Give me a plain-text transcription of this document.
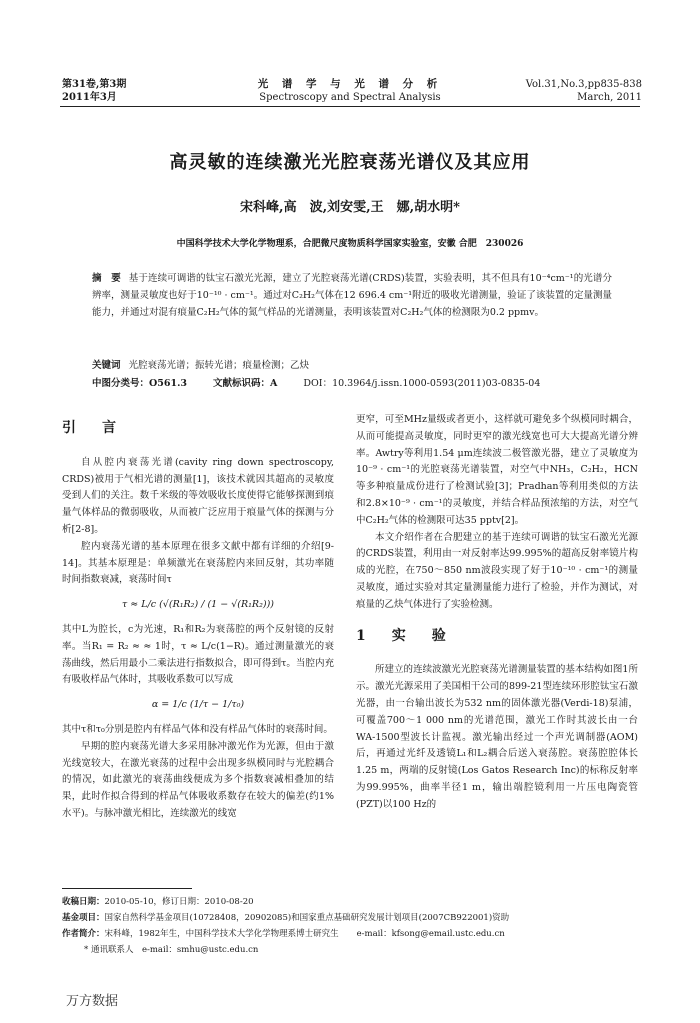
第31卷,第3期
2011年3月
光 谱 学 与 光 谱 分 析
Spectroscopy and Spectral Analysis
Vol.31,No.3,pp835-838
March, 2011
高灵敏的连续激光光腔衰荡光谱仪及其应用
宋科峰,高　波,刘安雯,王　娜,胡水明*
中国科学技术大学化学物理系，合肥微尺度物质科学国家实验室，安徽 合肥　230026
摘　要 基于连续可调谐的钛宝石激光光源，建立了光腔衰荡光谱(CRDS)装置，实验表明，其不但具有10⁻⁴cm⁻¹的光谱分辨率，测量灵敏度也好于10⁻¹⁰ · cm⁻¹。通过对C₂H₂气体在12 696.4 cm⁻¹附近的吸收光谱测量，验证了该装置的定量测量能力，并通过对混有痕量C₂H₂气体的氮气样品的光谱测量，表明该装置对C₂H₂气体的检测限为0.2 ppmv。
关键词 光腔衰荡光谱；振转光谱；痕量检测；乙炔
中图分类号：O561.3	文献标识码：A	DOI：10.3964/j.issn.1000-0593(2011)03-0835-04
引　言

自从腔内衰荡光谱(cavity ring down spectroscopy, CRDS)被用于气相光谱的测量[1]，该技术就因其超高的灵敏度受到人们的关注。数千米级的等效吸收长度使得它能够探测到痕量气体样品的微弱吸收，从而被广泛应用于痕量气体的探测与分析[2-8]。

腔内衰荡光谱的基本原理在很多文献中都有详细的介绍[9-14]。其基本原理是：单频激光在衰荡腔内来回反射，其功率随时间指数衰减，衰荡时间τ

τ ≈ L/c (√(R₁R₂) / (1 − √(R₁R₂)))

其中L为腔长，c为光速，R₁和R₂为衰荡腔的两个反射镜的反射率。当R₁ = R₂ ≈ ≈ 1时，τ ≈ L/c(1−R)。通过测量激光的衰荡曲线，然后用最小二乘法进行指数拟合，即可得到τ。当腔内充有吸收样品气体时，其吸收系数可以写成

α = 1/c (1/τ − 1/τ₀)

其中τ和τ₀分别是腔内有样品气体和没有样品气体时的衰荡时间。

早期的腔内衰荡光谱大多采用脉冲激光作为光源，但由于激光线宽较大，在激光衰荡的过程中会出现多纵模同时与光腔耦合的情况，如此激光的衰荡曲线便成为多个指数衰减相叠加的结果，此时作拟合得到的样品气体吸收系数存在较大的偏差(约1%水平)。与脉冲激光相比，连续激光的线宽

更窄，可至MHz量级或者更小，这样就可避免多个纵模同时耦合，从而可能提高灵敏度，同时更窄的激光线宽也可大大提高光谱分辨率。Awtry等利用1.54 μm连续波二极管激光器，建立了灵敏度为10⁻⁹ · cm⁻¹的光腔衰荡光谱装置，对空气中NH₃，C₂H₂，HCN等多种痕量成份进行了检测试验[3]；Pradhan等利用类似的方法和2.8×10⁻⁹ · cm⁻¹的灵敏度，并结合样品预浓缩的方法，对空气中C₂H₂气体的检测限可达35 pptv[2]。

本文介绍作者在合肥建立的基于连续可调谐的钛宝石激光光源的CRDS装置，利用由一对反射率达99.995%的超高反射率镜片构成的光腔，在750～850 nm波段实现了好于10⁻¹⁰ · cm⁻¹的测量灵敏度，通过实验对其定量测量能力进行了检验，并作为测试，对痕量的乙炔气体进行了实验检测。

1　实　验

所建立的连续波激光光腔衰荡光谱测量装置的基本结构如图1所示。激光光源采用了美国相干公司的899-21型连续环形腔钛宝石激光器，由一台输出波长为532 nm的固体激光器(Verdi-18)泵浦，可覆盖700～1 000 nm的光谱范围，激光工作时其波长由一台WA-1500型波长计监视。激光输出经过一个声光调制器(AOM)后，再通过光纤及透镜L₁和L₂耦合后送入衰荡腔。衰荡腔腔体长1.25 m，两端的反射镜(Los Gatos Research Inc)的标称反射率为99.995%，曲率半径1 m，输出端腔镜利用一片压电陶瓷管(PZT)以100 Hz的

收稿日期：2010-05-10，修订日期：2010-08-20
基金项目：国家自然科学基金项目(10728408，20902085)和国家重点基础研究发展计划项目(2007CB922001)资助
作者简介：宋科峰，1982年生，中国科学技术大学化学物理系博士研究生 e-mail：kfsong@email.ustc.edu.cn
* 通讯联系人　e-mail：smhu@ustc.edu.cn
万方数据
